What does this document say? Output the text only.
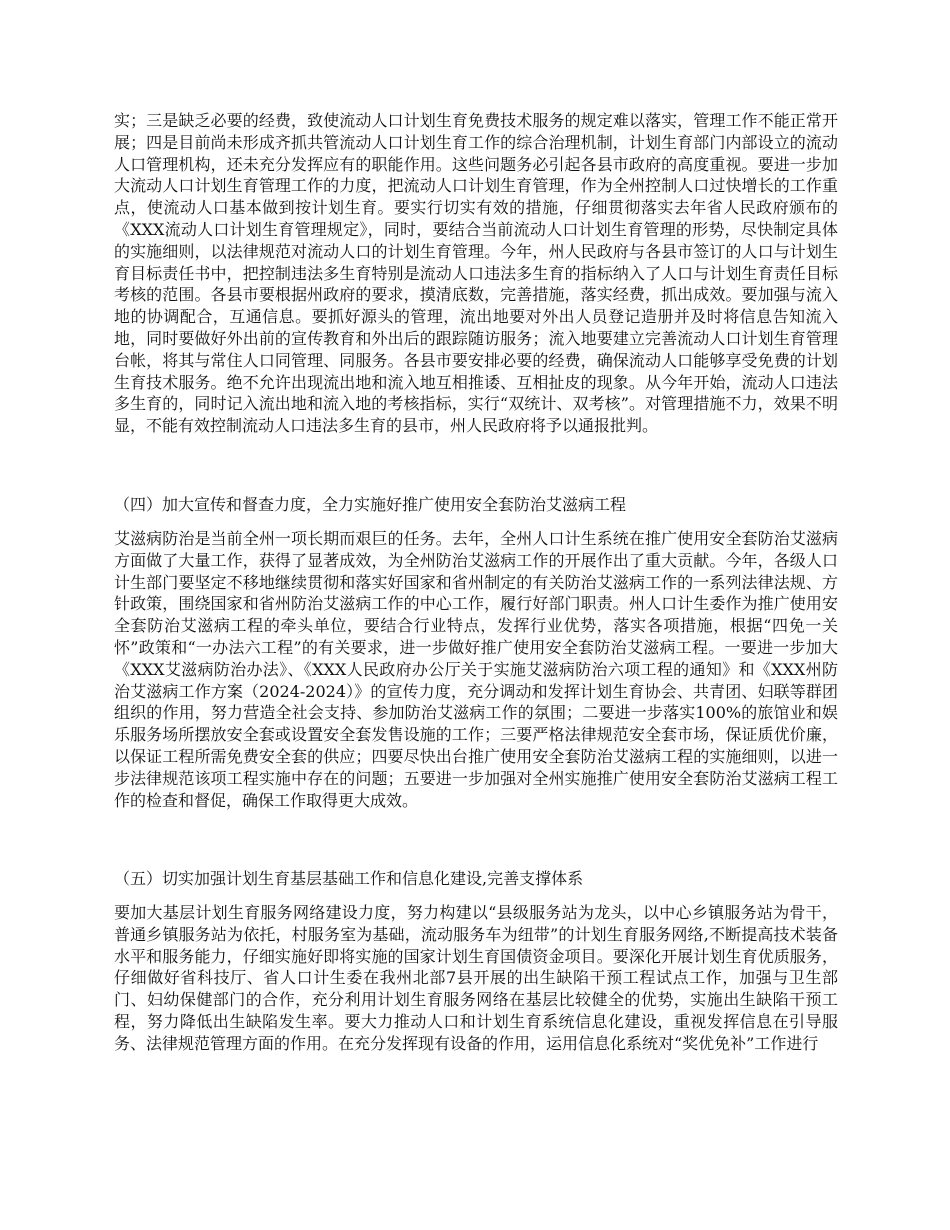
实；三是缺乏必要的经费，致使流动人口计划生育免费技术服务的规定难以落实，管理工作不能正常开展；四是目前尚未形成齐抓共管流动人口计划生育工作的综合治理机制，计划生育部门内部设立的流动人口管理机构，还未充分发挥应有的职能作用。这些问题务必引起各县市政府的高度重视。要进一步加大流动人口计划生育管理工作的力度，把流动人口计划生育管理，作为全州控制人口过快增长的工作重点，使流动人口基本做到按计划生育。要实行切实有效的措施，仔细贯彻落实去年省人民政府颁布的《XXX流动人口计划生育管理规定》，同时，要结合当前流动人口计划生育管理的形势，尽快制定具体的实施细则，以法律规范对流动人口的计划生育管理。今年，州人民政府与各县市签订的人口与计划生育目标责任书中，把控制违法多生育特别是流动人口违法多生育的指标纳入了人口与计划生育责任目标考核的范围。各县市要根据州政府的要求，摸清底数，完善措施，落实经费，抓出成效。要加强与流入地的协调配合，互通信息。要抓好源头的管理，流出地要对外出人员登记造册并及时将信息告知流入地，同时要做好外出前的宣传教育和外出后的跟踪随访服务；流入地要建立完善流动人口计划生育管理台帐，将其与常住人口同管理、同服务。各县市要安排必要的经费，确保流动人口能够享受免费的计划生育技术服务。绝不允许出现流出地和流入地互相推诿、互相扯皮的现象。从今年开始，流动人口违法多生育的，同时记入流出地和流入地的考核指标，实行“双统计、双考核”。对管理措施不力，效果不明显，不能有效控制流动人口违法多生育的县市，州人民政府将予以通报批判。

（四）加大宣传和督查力度，全力实施好推广使用安全套防治艾滋病工程

艾滋病防治是当前全州一项长期而艰巨的任务。去年，全州人口计生系统在推广使用安全套防治艾滋病方面做了大量工作，获得了显著成效，为全州防治艾滋病工作的开展作出了重大贡献。今年，各级人口计生部门要坚定不移地继续贯彻和落实好国家和省州制定的有关防治艾滋病工作的一系列法律法规、方针政策，围绕国家和省州防治艾滋病工作的中心工作，履行好部门职责。州人口计生委作为推广使用安全套防治艾滋病工程的牵头单位，要结合行业特点，发挥行业优势，落实各项措施，根据“四免一关怀”政策和“一办法六工程”的有关要求，进一步做好推广使用安全套防治艾滋病工程。一要进一步加大《XXX艾滋病防治办法》、《XXX人民政府办公厅关于实施艾滋病防治六项工程的通知》和《XXX州防治艾滋病工作方案（2024-2024）》的宣传力度，充分调动和发挥计划生育协会、共青团、妇联等群团组织的作用，努力营造全社会支持、参加防治艾滋病工作的氛围；二要进一步落实100%的旅馆业和娱乐服务场所摆放安全套或设置安全套发售设施的工作；三要严格法律规范安全套市场，保证质优价廉，以保证工程所需免费安全套的供应；四要尽快出台推广使用安全套防治艾滋病工程的实施细则，以进一步法律规范该项工程实施中存在的问题；五要进一步加强对全州实施推广使用安全套防治艾滋病工程工作的检查和督促，确保工作取得更大成效。

（五）切实加强计划生育基层基础工作和信息化建设,完善支撑体系

要加大基层计划生育服务网络建设力度，努力构建以“县级服务站为龙头，以中心乡镇服务站为骨干，普通乡镇服务站为依托，村服务室为基础，流动服务车为纽带”的计划生育服务网络,不断提高技术装备水平和服务能力，仔细实施好即将实施的国家计划生育国债资金项目。要深化开展计划生育优质服务，仔细做好省科技厅、省人口计生委在我州北部7县开展的出生缺陷干预工程试点工作，加强与卫生部门、妇幼保健部门的合作，充分利用计划生育服务网络在基层比较健全的优势，实施出生缺陷干预工程，努力降低出生缺陷发生率。要大力推动人口和计划生育系统信息化建设，重视发挥信息在引导服务、法律规范管理方面的作用。在充分发挥现有设备的作用，运用信息化系统对“奖优免补”工作进行
